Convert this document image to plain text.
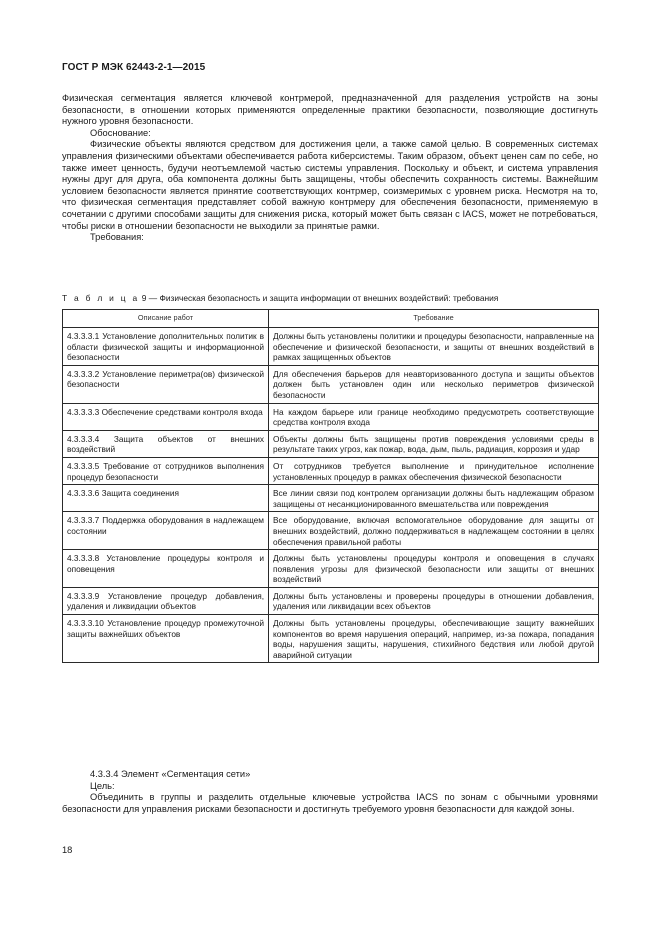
ГОСТ Р МЭК 62443-2-1—2015

Физическая сегментация является ключевой контрмерой, предназначенной для разделения устройств на зоны безопасности, в отношении которых применяются определенные практики безопасности, позволяющие достигнуть нужного уровня безопасности.

Обоснование:

Физические объекты являются средством для достижения цели, а также самой целью. В современных системах управления физическими объектами обеспечивается работа киберсистемы. Таким образом, объект ценен сам по себе, но также имеет ценность, будучи неотъемлемой частью системы управления. Поскольку и объект, и система управления нужны друг для друга, оба компонента должны быть защищены, чтобы обеспечить сохранность системы. Важнейшим условием безопасности является принятие соответствующих контрмер, соизмеримых с уровнем риска. Несмотря на то, что физическая сегментация представляет собой важную контрмеру для обеспечения безопасности, применяемую в сочетании с другими способами защиты для снижения риска, который может быть связан с IACS, может не потребоваться, чтобы риски в отношении безопасности не выходили за принятые рамки.

Требования:

Т а б л и ц а 9 — Физическая безопасность и защита информации от внешних воздействий: требования
Описание работ	Требование
4.3.3.3.1 Установление дополнительных политик в области физической защиты и информационной безопасности	Должны быть установлены политики и процедуры безопасности, направленные на обеспечение и физической безопасности, и защиты от внешних воздействий в рамках защищенных объектов
4.3.3.3.2 Установление периметра(ов) физической безопасности	Для обеспечения барьеров для неавторизованного доступа и защиты объектов должен быть установлен один или несколько периметров физической безопасности
4.3.3.3.3 Обеспечение средствами контроля входа	На каждом барьере или границе необходимо предусмотреть соответствующие средства контроля входа
4.3.3.3.4 Защита объектов от внешних воздействий	Объекты должны быть защищены против повреждения условиями среды в результате таких угроз, как пожар, вода, дым, пыль, радиация, коррозия и удар
4.3.3.3.5 Требование от сотрудников выполнения процедур безопасности	От сотрудников требуется выполнение и принудительное исполнение установленных процедур в рамках обеспечения физической безопасности
4.3.3.3.6 Защита соединения	Все линии связи под контролем организации должны быть надлежащим образом защищены от несанкционированного вмешательства или повреждения
4.3.3.3.7 Поддержка оборудования в надлежащем состоянии	Все оборудование, включая вспомогательное оборудование для защиты от внешних воздействий, должно поддерживаться в надлежащем состоянии в целях обеспечения правильной работы
4.3.3.3.8 Установление процедуры контроля и оповещения	Должны быть установлены процедуры контроля и оповещения в случаях появления угрозы для физической безопасности или защиты от внешних воздействий
4.3.3.3.9 Установление процедур добавления, удаления и ликвидации объектов	Должны быть установлены и проверены процедуры в отношении добавления, удаления или ликвидации всех объектов
4.3.3.3.10 Установление процедур промежуточной защиты важнейших объектов	Должны быть установлены процедуры, обеспечивающие защиту важнейших компонентов во время нарушения операций, например, из-за пожара, попадания воды, нарушения защиты, нарушения, стихийного бедствия или любой другой аварийной ситуации

4.3.3.4 Элемент «Сегментация сети»

Цель:

Объединить в группы и разделить отдельные ключевые устройства IACS по зонам с обычными уровнями безопасности для управления рисками безопасности и достигнуть требуемого уровня безопасности для каждой зоны.

18
